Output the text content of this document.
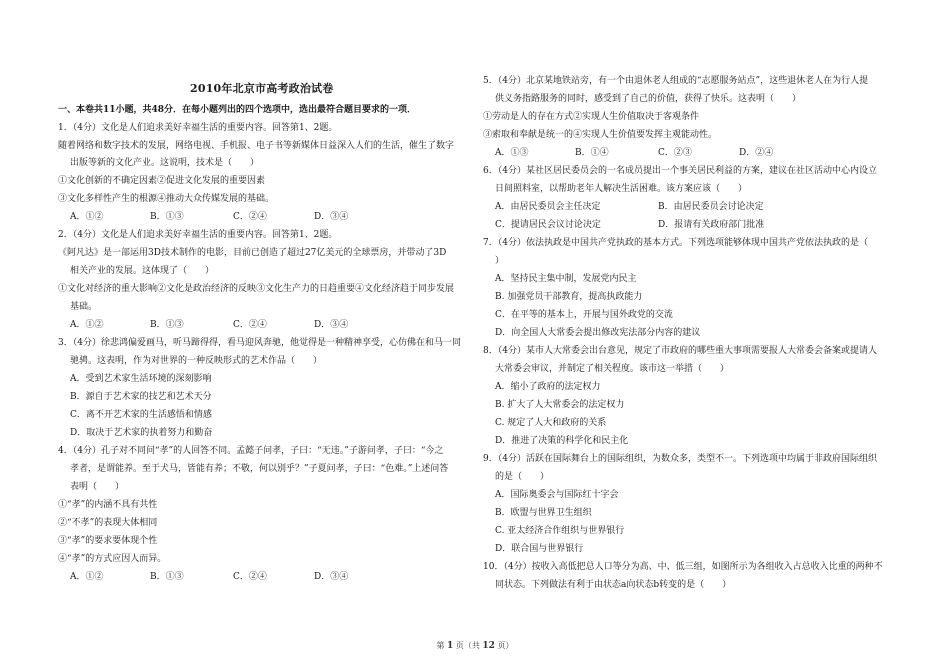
2010年北京市高考政治试卷
一、本卷共11小题，共48分．在每小题列出的四个选项中，选出最符合题目要求的一项．
1．（4分）文化是人们追求美好幸福生活的重要内容。回答第1、2题。
随着网络和数字技术的发展，网络电视、手机报、电子书等新媒体日益深入人们的生活，催生了数字
出版等新的文化产业。这说明，技术是（　　）
①文化创新的不确定因素②促进文化发展的重要因素
③文化多样性产生的根源④推动大众传媒发展的基础。
A．①②	B．①③	C．②④	D．③④
2．（4分）文化是人们追求美好幸福生活的重要内容。回答第1、2题。
《阿凡达》是一部运用3D技术制作的电影，目前已创造了超过27亿美元的全球票房，并带动了3D
相关产业的发展。这体现了（　　）
①文化对经济的重大影响②文化是政治经济的反映③文化生产力的日趋重要④文化经济趋于同步发展
基础。
A．①②	B．①③	C．②④	D．③④
3．（4分）徐悲鸿偏爱画马，听马蹄得得，看马迎风奔驰，他觉得是一种精神享受，心仿佛在和马一同
驰骋。这表明，作为对世界的一种反映形式的艺术作品（　　）
A．受到艺术家生活环境的深刻影响
B．源自于艺术家的技艺和艺术天分
C．离不开艺术家的生活感悟和情感
D．取决于艺术家的执着努力和勤奋
4．（4分）孔子对不同问“孝”的人回答不同。孟懿子问孝，子曰：“无违。”子游问孝，子曰：“今之
孝者，是谓能养。至于犬马，皆能有养；不敬，何以别乎？”子夏问孝，子曰：“色难。”上述问答
表明（　　）
①“孝”的内涵不具有共性
②“不孝”的表现大体相同
③“孝”的要求要体现个性
④“孝”的方式应因人而异。
A．①②	B．①③	C．②④	D．③④
5．（4分）北京某地铁站旁，有一个由退休老人组成的“志愿服务站点”，这些退休老人在为行人提
供义务指路服务的同时，感受到了自己的价值，获得了快乐。这表明（　　）
①劳动是人的存在方式②实现人生价值取决于客观条件
③索取和奉献是统一的④实现人生价值要发挥主观能动性。
A．①③	B．①④	C．②③	D．②④
6．（4分）某社区居民委员会的一名成员提出一个事关居民利益的方案，建议在社区活动中心内设立
日间照料室，以帮助老年人解决生活困难。该方案应该（　　）
A．由居民委员会主任决定	B．由居民委员会讨论决定
C．提请居民会议讨论决定	D．报请有关政府部门批准
7．（4分）依法执政是中国共产党执政的基本方式。下列选项能够体现中国共产党依法执政的是（
）
A．坚持民主集中制，发展党内民主
B. 加强党员干部教育，提高执政能力
C．在平等的基本上，开展与国外政党的交流
D．向全国人大常委会提出修改宪法部分内容的建议
8．（4分）某市人大常委会出台意见，规定了市政府的哪些重大事项需要报人大常委会备案或提请人
大常委会审议，并制定了相关程度。该市这一举措（　　）
A．缩小了政府的法定权力
B. 扩大了人大常委会的法定权力
C. 规定了人大和政府的关系
D．推进了决策的科学化和民主化
9．（4分）活跃在国际舞台上的国际组织，为数众多，类型不一。下列选项中均属于非政府国际组织
的是（　　）
A．国际奥委会与国际红十字会
B．欧盟与世界卫生组织
C. 亚太经济合作组织与世界银行
D．联合国与世界银行
10．（4分）按收入高低把总人口等分为高、中、低三组，如图所示为各组收入占总收入比重的两种不
同状态。下列做法有利于由状态a向状态b转变的是（　　）
第 1 页（共 12 页）
